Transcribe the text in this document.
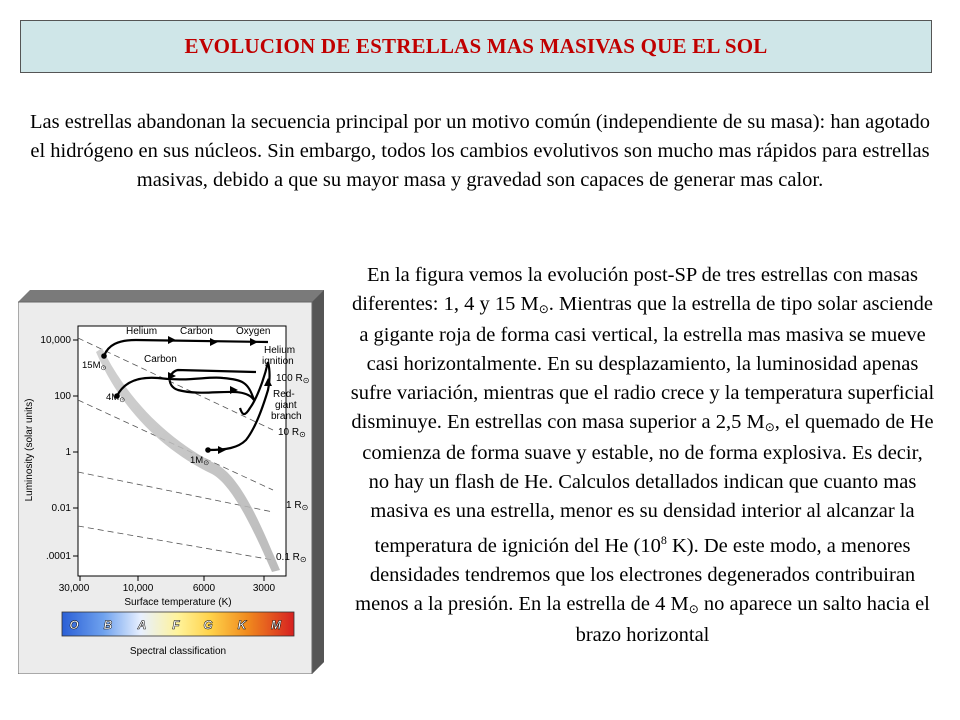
EVOLUCION DE ESTRELLAS MAS MASIVAS QUE EL SOL
Las estrellas abandonan la secuencia principal por un motivo común (independiente de su masa): han agotado el hidrógeno en sus núcleos. Sin embargo, todos los cambios evolutivos son mucho mas rápidos para estrellas masivas, debido a que su mayor masa y gravedad son capaces de generar mas calor.
Helium Carbon Oxygen
Carbon
Helium
ignition
Red-
giant
branch
100 $R_⊙$
10 $R_⊙$
1 $R_⊙$
0.1 $R_⊙$
$15M_⊙$
$4M_⊙$
$1M_⊙$
10,000
100
1
0.01
.0001
Luminosity (solar units)
30,000	10,000	6000	3000
Surface temperature (K)
O B A F G K M
Spectral classification
En la figura vemos la evolución post-SP de tres estrellas con masas diferentes: 1, 4 y 15 M⊙. Mientras que la estrella de tipo solar asciende a gigante roja de forma casi vertical, la estrella mas masiva se mueve casi horizontalmente. En su desplazamiento, la luminosidad apenas sufre variación, mientras que el radio crece y la temperatura superficial disminuye. En estrellas con masa superior a 2,5 M⊙, el quemado de He comienza de forma suave y estable, no de forma explosiva. Es decir, no hay un flash de He. Calculos detallados indican que cuanto mas masiva es una estrella, menor es su densidad interior al alcanzar la temperatura de ignición del He ($10^8$ K). De este modo, a menores densidades tendremos que los electrones degenerados contribuiran menos a la presión. En la estrella de 4 M⊙ no aparece un salto hacia el brazo horizontal
